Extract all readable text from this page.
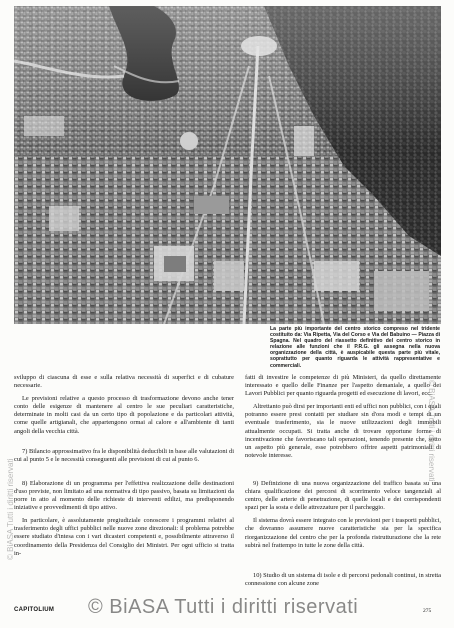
La parte più importante del centro storico compreso nel tridente costituito da: Via Ripetta, Via del Corso e Via del Babuino — Piazza di Spagna. Nel quadro del riassetto definitivo del centro storico in relazione alle funzioni che il P.R.G. gli assegna nella nuova organizzazione della città, è auspicabile questa parte più vitale, soprattutto per quanto riguarda le attività rappresentative e commerciali.

sviluppo di ciascuna di esse e sulla relativa necessità di superfici e di cubature necessarie.

Le previsioni relative a questo processo di trasformazione devono anche tener conto delle esigenze di mantenere al centro le sue peculiari caratteristiche, determinate in molti casi da un certo tipo di popolazione e da particolari attività, come quelle artigianali, che appartengono ormai al calore e all'ambiente di tanti angoli della vecchia città.

7) Bilancio approssimativo fra le disponibilità deducibili in base alle valutazioni di cui al punto 5 e le necessità conseguenti alle previsioni di cui al punto 6.

8) Elaborazione di un programma per l'effettiva realizzazione delle destinazioni d'uso previste, non limitato ad una normativa di tipo passivo, basata su limitazioni da porre in atto al momento delle richieste di interventi edilizi, ma predisponendo iniziative e provvedimenti di tipo attivo.

In particolare, è assolutamente pregiudiziale conoscere i programmi relativi al trasferimento degli uffici pubblici nelle nuove zone direzionali: il problema potrebbe essere studiato d'intesa con i vari dicasteri competenti e, possibilmente attraverso il coordinamento della Presidenza del Consiglio dei Ministri. Per ogni ufficio si tratta in-

fatti di investire le competenze di più Ministeri, da quello direttamente interessato e quello delle Finanze per l'aspetto demaniale, a quello dei Lavori Pubblici per quanto riguarda progetti ed esecuzione di lavori, ecc.

Altrettanto può dirsi per importanti enti ed uffici non pubblici, con i quali potranno essere presi contatti per studiare sin d'ora modi e tempi di un eventuale trasferimento, sia le nuove utilizzazioni degli immobili attualmente occupati. Si tratta anche di trovare opportune forme di incentivazione che favoriscano tali operazioni, tenendo presente che, sotto un aspetto più generale, esse potrebbero offrire aspetti patrimoniali di notevole interesse.

9) Definizione di una nuova organizzazione del traffico basata su una chiara qualificazione dei percorsi di scorrimento veloce tangenziali al centro, delle arterie di penetrazione, di quelle locali e dei corrispondenti spazi per la sosta e delle attrezzature per il parcheggio.

Il sistema dovrà essere integrato con le previsioni per i trasporti pubblici, che dovranno assumere nuove caratteristiche sia per la specifica riorganizzazione del centro che per la profonda ristrutturazione che la rete subirà nel frattempo in tutte le zone della città.

10) Studio di un sistema di isole e di percorsi pedonali continui, in stretta connessione con alcune zone

CAPITOLIUM	275
© BiASA Tutti i diritti riservati
© BiASA Tutti i diritti riservati
© BiASA Tutti i diritti riservati
